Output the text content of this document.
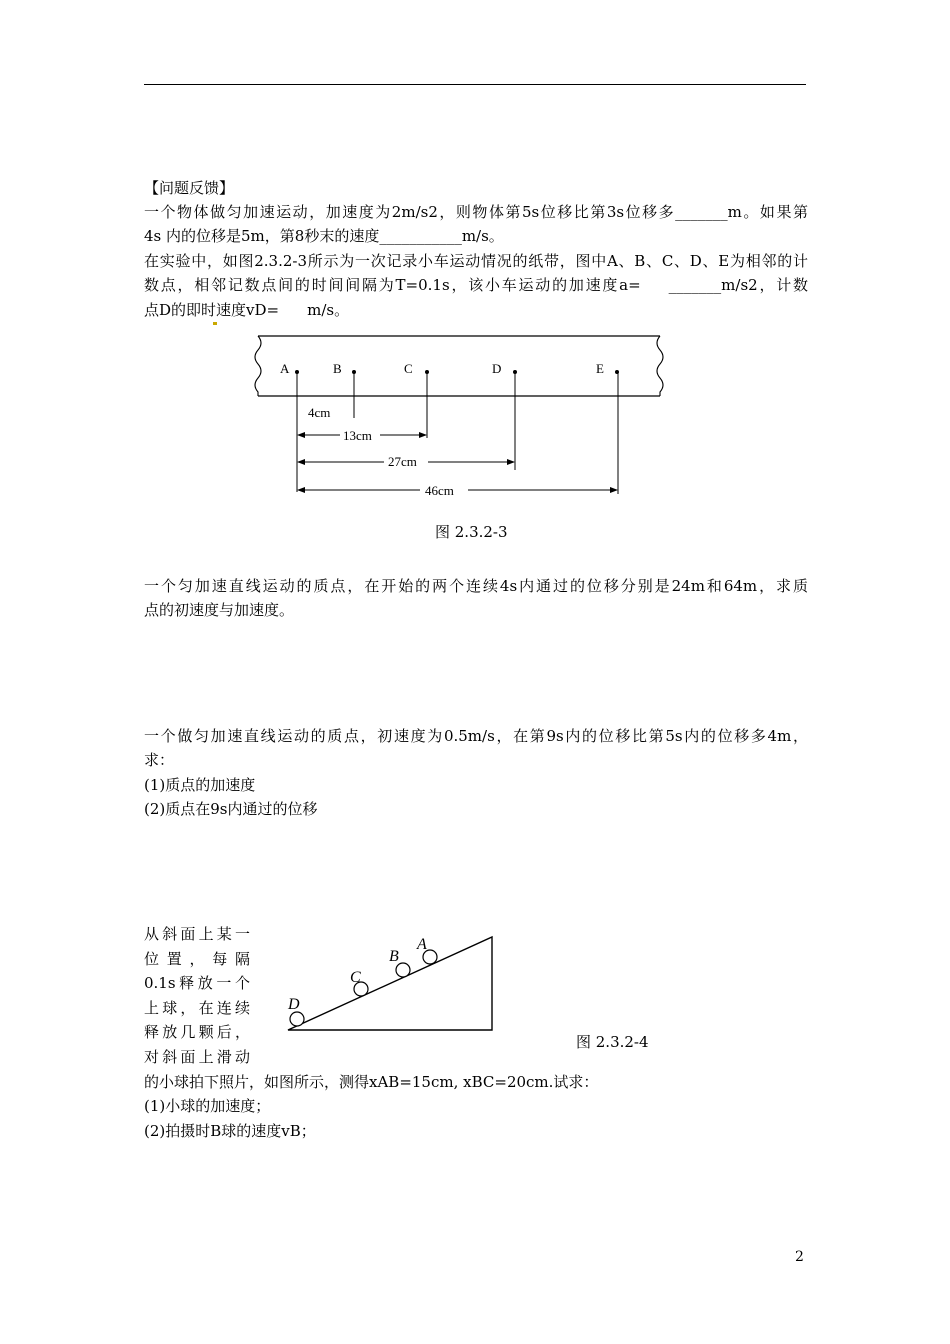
【问题反馈】
一个物体做匀加速运动，加速度为2m/s2，则物体第5s位移比第3s位移多_______m。如果第
4s 内的位移是5m，第8秒末的速度___________m/s。
在实验中，如图2.3.2-3所示为一次记录小车运动情况的纸带，图中A、B、C、D、E为相邻的计
数点，相邻记数点间的时间间隔为T=0.1s，该小车运动的加速度a= _______m/s2，计数
点D的即时速度vD= m/s。
A	B	C	D	E
4cm
13cm
27cm
46cm
图 2.3.2-3
一个匀加速直线运动的质点，在开始的两个连续4s内通过的位移分别是24m和64m，求质
点的初速度与加速度。
一个做匀加速直线运动的质点，初速度为0.5m/s，在第9s内的位移比第5s内的位移多4m，
求：
(1)质点的加速度
(2)质点在9s内通过的位移
从斜面上某一
位置，每隔
0.1s释放一个
上球，在连续
释放几颗后，
对斜面上滑动
A
B
C
D
图 2.3.2-4
的小球拍下照片，如图所示，测得xAB=15cm, xBC=20cm.试求：
(1)小球的加速度；
(2)拍摄时B球的速度vB；
2
